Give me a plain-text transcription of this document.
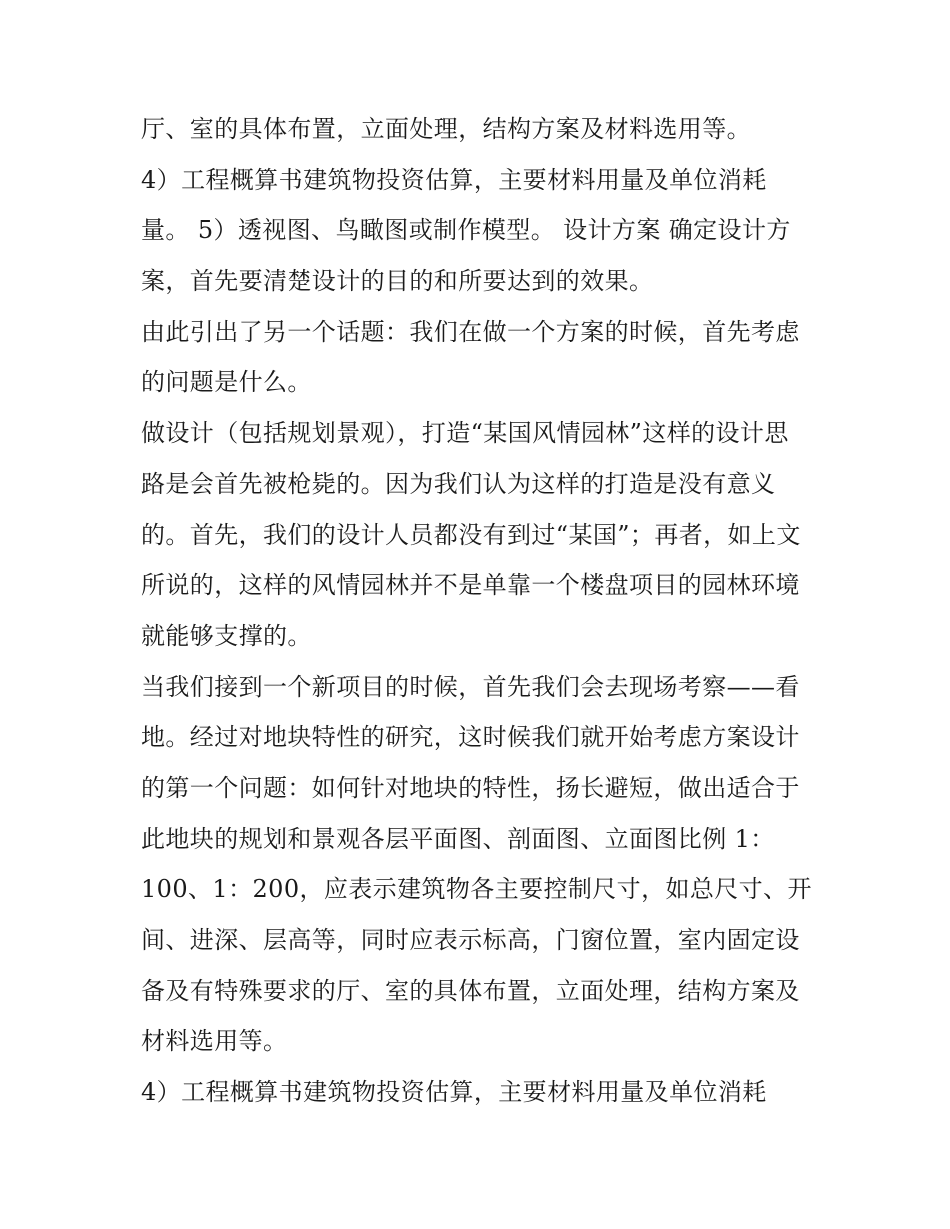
厅、室的具体布置，立面处理，结构方案及材料选用等。
4）工程概算书建筑物投资估算，主要材料用量及单位消耗
量。 5）透视图、鸟瞰图或制作模型。 设计方案 确定设计方
案，首先要清楚设计的目的和所要达到的效果。
由此引出了另一个话题：我们在做一个方案的时候，首先考虑
的问题是什么。
做设计（包括规划景观），打造“某国风情园林”这样的设计思
路是会首先被枪毙的。因为我们认为这样的打造是没有意义
的。首先，我们的设计人员都没有到过“某国”；再者，如上文
所说的，这样的风情园林并不是单靠一个楼盘项目的园林环境
就能够支撑的。
当我们接到一个新项目的时候，首先我们会去现场考察——看
地。经过对地块特性的研究，这时候我们就开始考虑方案设计
的第一个问题：如何针对地块的特性，扬长避短，做出适合于
此地块的规划和景观各层平面图、剖面图、立面图比例 1：
100、1：200，应表示建筑物各主要控制尺寸，如总尺寸、开
间、进深、层高等，同时应表示标高，门窗位置，室内固定设
备及有特殊要求的厅、室的具体布置，立面处理，结构方案及
材料选用等。
4）工程概算书建筑物投资估算，主要材料用量及单位消耗
